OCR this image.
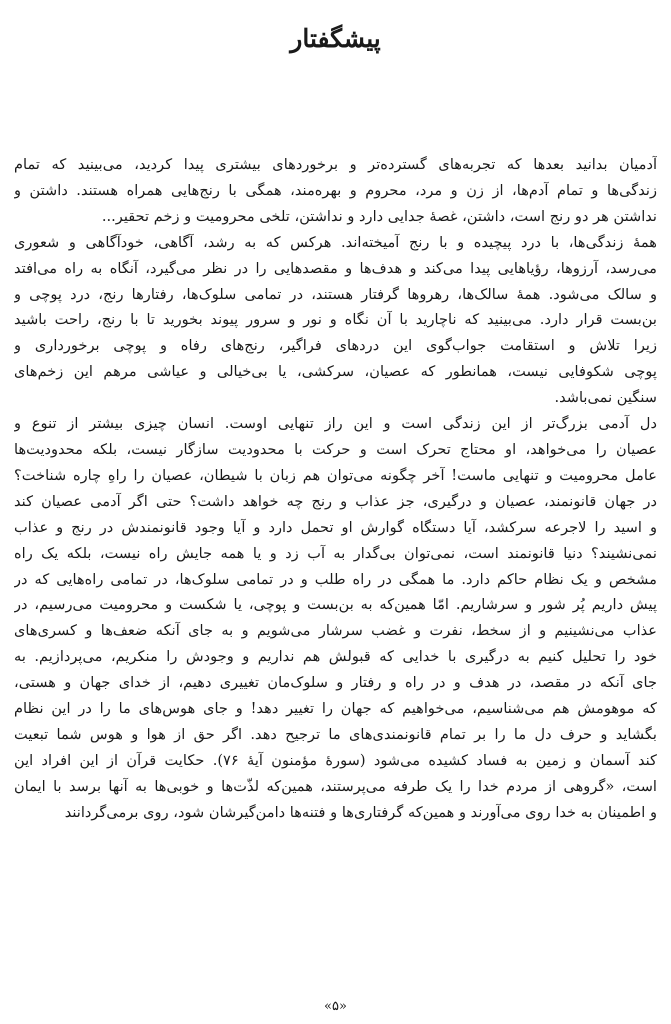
پیشگفتار

آدمیان بدانید بعدها که تجربه‌های گسترده‌تر و برخوردهای بیشتری پیدا کردید، می‌بینید که تمام
زندگی‌ها و تمام آدم‌ها، از زن و مرد، محروم و بهره‌مند، همگی با رنج‌هایی همراه هستند. داشتن و
نداشتن هر دو رنج است، داشتن، غصهٔ جدایی دارد و نداشتن، تلخی محرومیت و زخم تحقیر...

همهٔ زندگی‌ها، با درد پیچیده و با رنج آمیخته‌اند. هرکس که به رشد، آگاهی، خودآگاهی و شعوری
می‌رسد، آرزوها، رؤیاهایی پیدا می‌کند و هدف‌ها و مقصدهایی را در نظر می‌گیرد، آنگاه به راه می‌افتد
و سالک می‌شود. همهٔ سالک‌ها، رهروها گرفتار هستند، در تمامی سلوک‌ها، رفتارها رنج، درد پوچی و
بن‌بست قرار دارد. می‌بینید که ناچارید با آن نگاه و نور و سرور پیوند بخورید تا با رنج، راحت باشید
زیرا تلاش و استقامت جواب‌گوی این دردهای فراگیر، رنج‌های رفاه و پوچی برخورداری و
پوچی شکوفایی نیست، همانطور که عصیان، سرکشی، یا بی‌خیالی و عیاشی مرهم این زخم‌های
سنگین نمی‌باشد.

دل آدمی بزرگ‌تر از این زندگی است و این راز تنهایی اوست. انسان چیزی بیشتر از تنوع و
عصیان را می‌خواهد، او محتاج تحرک است و حرکت با محدودیت سازگار نیست، بلکه محدودیت‌ها
عامل محرومیت و تنهایی ماست! آخر چگونه می‌توان هم زبان با شیطان، عصیان را راهِ چاره شناخت؟
در جهان قانونمند، عصیان و درگیری، جز عذاب و رنج چه خواهد داشت؟ حتی اگر آدمی عصیان کند
و اسید را لاجرعه سرکشد، آیا دستگاه گوارش او تحمل دارد و آیا وجود قانونمندش در رنج و عذاب
نمی‌نشیند؟ دنیا قانونمند است، نمی‌توان بی‌گدار به آب زد و یا همه جایش راه نیست، بلکه یک راه
مشخص و یک نظام حاکم دارد. ما همگی در راه طلب و در تمامی سلوک‌ها، در تمامی راه‌هایی که در
پیش داریم پُر شور و سرشاریم. امّا همین‌که به بن‌بست و پوچی، یا شکست و محرومیت می‌رسیم، در
عذاب می‌نشینیم و از سخط، نفرت و غضب سرشار می‌شویم و به جای آنکه ضعف‌ها و کسری‌های
خود را تحلیل کنیم به درگیری با خدایی که قبولش هم نداریم و وجودش را منکریم، می‌پردازیم. به
جای آنکه در مقصد، در هدف و در راه و رفتار و سلوک‌مان تغییری دهیم، از خدای جهان و هستی،
که موهومش هم می‌شناسیم، می‌خواهیم که جهان را تغییر دهد! و جای هوس‌های ما را در این نظام
بگشاید و حرف دل ما را بر تمام قانونمندی‌های ما ترجیح دهد. اگر حق از هوا و هوس شما تبعیت
کند آسمان و زمین به فساد کشیده می‌شود (سورهٔ مؤمنون آیهٔ ۷۶). حکایت قرآن از این افراد این
است، «گروهی از مردم خدا را یک طرفه می‌پرستند، همین‌که لذّت‌ها و خوبی‌ها به آنها برسد با ایمان
و اطمینان به خدا روی می‌آورند و همین‌که گرفتاری‌ها و فتنه‌ها دامن‌گیرشان شود، روی برمی‌گردانند

«۵»
